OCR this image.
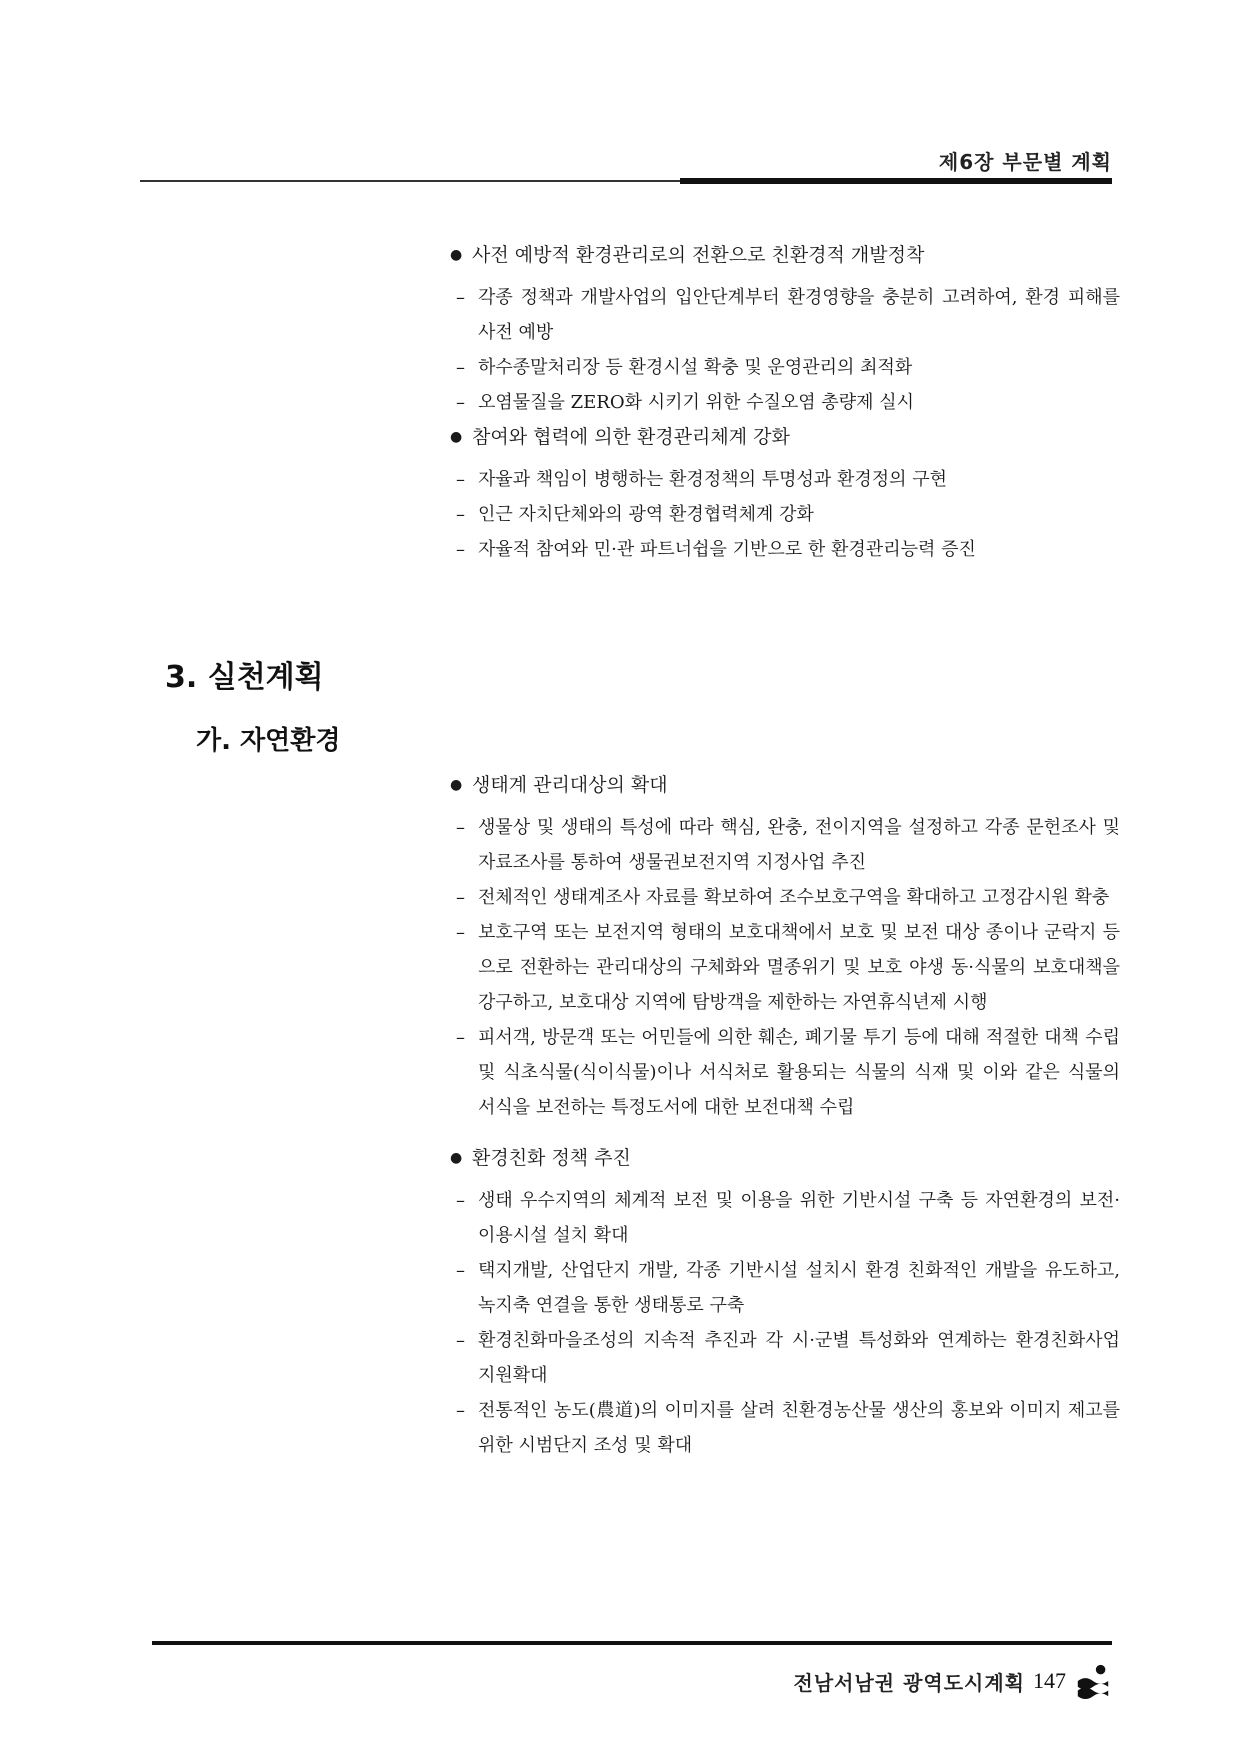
제6장 부문별 계획

● 사전 예방적 환경관리로의 전환으로 친환경적 개발정착

– 각종 정책과 개발사업의 입안단계부터 환경영향을 충분히 고려하여, 환경 피해를 사전 예방

– 하수종말처리장 등 환경시설 확충 및 운영관리의 최적화

– 오염물질을 ZERO화 시키기 위한 수질오염 총량제 실시

● 참여와 협력에 의한 환경관리체계 강화

– 자율과 책임이 병행하는 환경정책의 투명성과 환경정의 구현

– 인근 자치단체와의 광역 환경협력체계 강화

– 자율적 참여와 민·관 파트너쉽을 기반으로 한 환경관리능력 증진

3. 실천계획
가. 자연환경

● 생태계 관리대상의 확대

– 생물상 및 생태의 특성에 따라 핵심, 완충, 전이지역을 설정하고 각종 문헌조사 및 자료조사를 통하여 생물권보전지역 지정사업 추진

– 전체적인 생태계조사 자료를 확보하여 조수보호구역을 확대하고 고정감시원 확충

– 보호구역 또는 보전지역 형태의 보호대책에서 보호 및 보전 대상 종이나 군락지 등으로 전환하는 관리대상의 구체화와 멸종위기 및 보호 야생 동·식물의 보호대책을 강구하고, 보호대상 지역에 탐방객을 제한하는 자연휴식년제 시행

– 피서객, 방문객 또는 어민들에 의한 훼손, 폐기물 투기 등에 대해 적절한 대책 수립 및 식초식물(식이식물)이나 서식처로 활용되는 식물의 식재 및 이와 같은 식물의 서식을 보전하는 특정도서에 대한 보전대책 수립

● 환경친화 정책 추진

– 생태 우수지역의 체계적 보전 및 이용을 위한 기반시설 구축 등 자연환경의 보전·이용시설 설치 확대

– 택지개발, 산업단지 개발, 각종 기반시설 설치시 환경 친화적인 개발을 유도하고, 녹지축 연결을 통한 생태통로 구축

– 환경친화마을조성의 지속적 추진과 각 시·군별 특성화와 연계하는 환경친화사업 지원확대

– 전통적인 농도(農道)의 이미지를 살려 친환경농산물 생산의 홍보와 이미지 제고를 위한 시범단지 조성 및 확대

전남서남권 광역도시계획 147
